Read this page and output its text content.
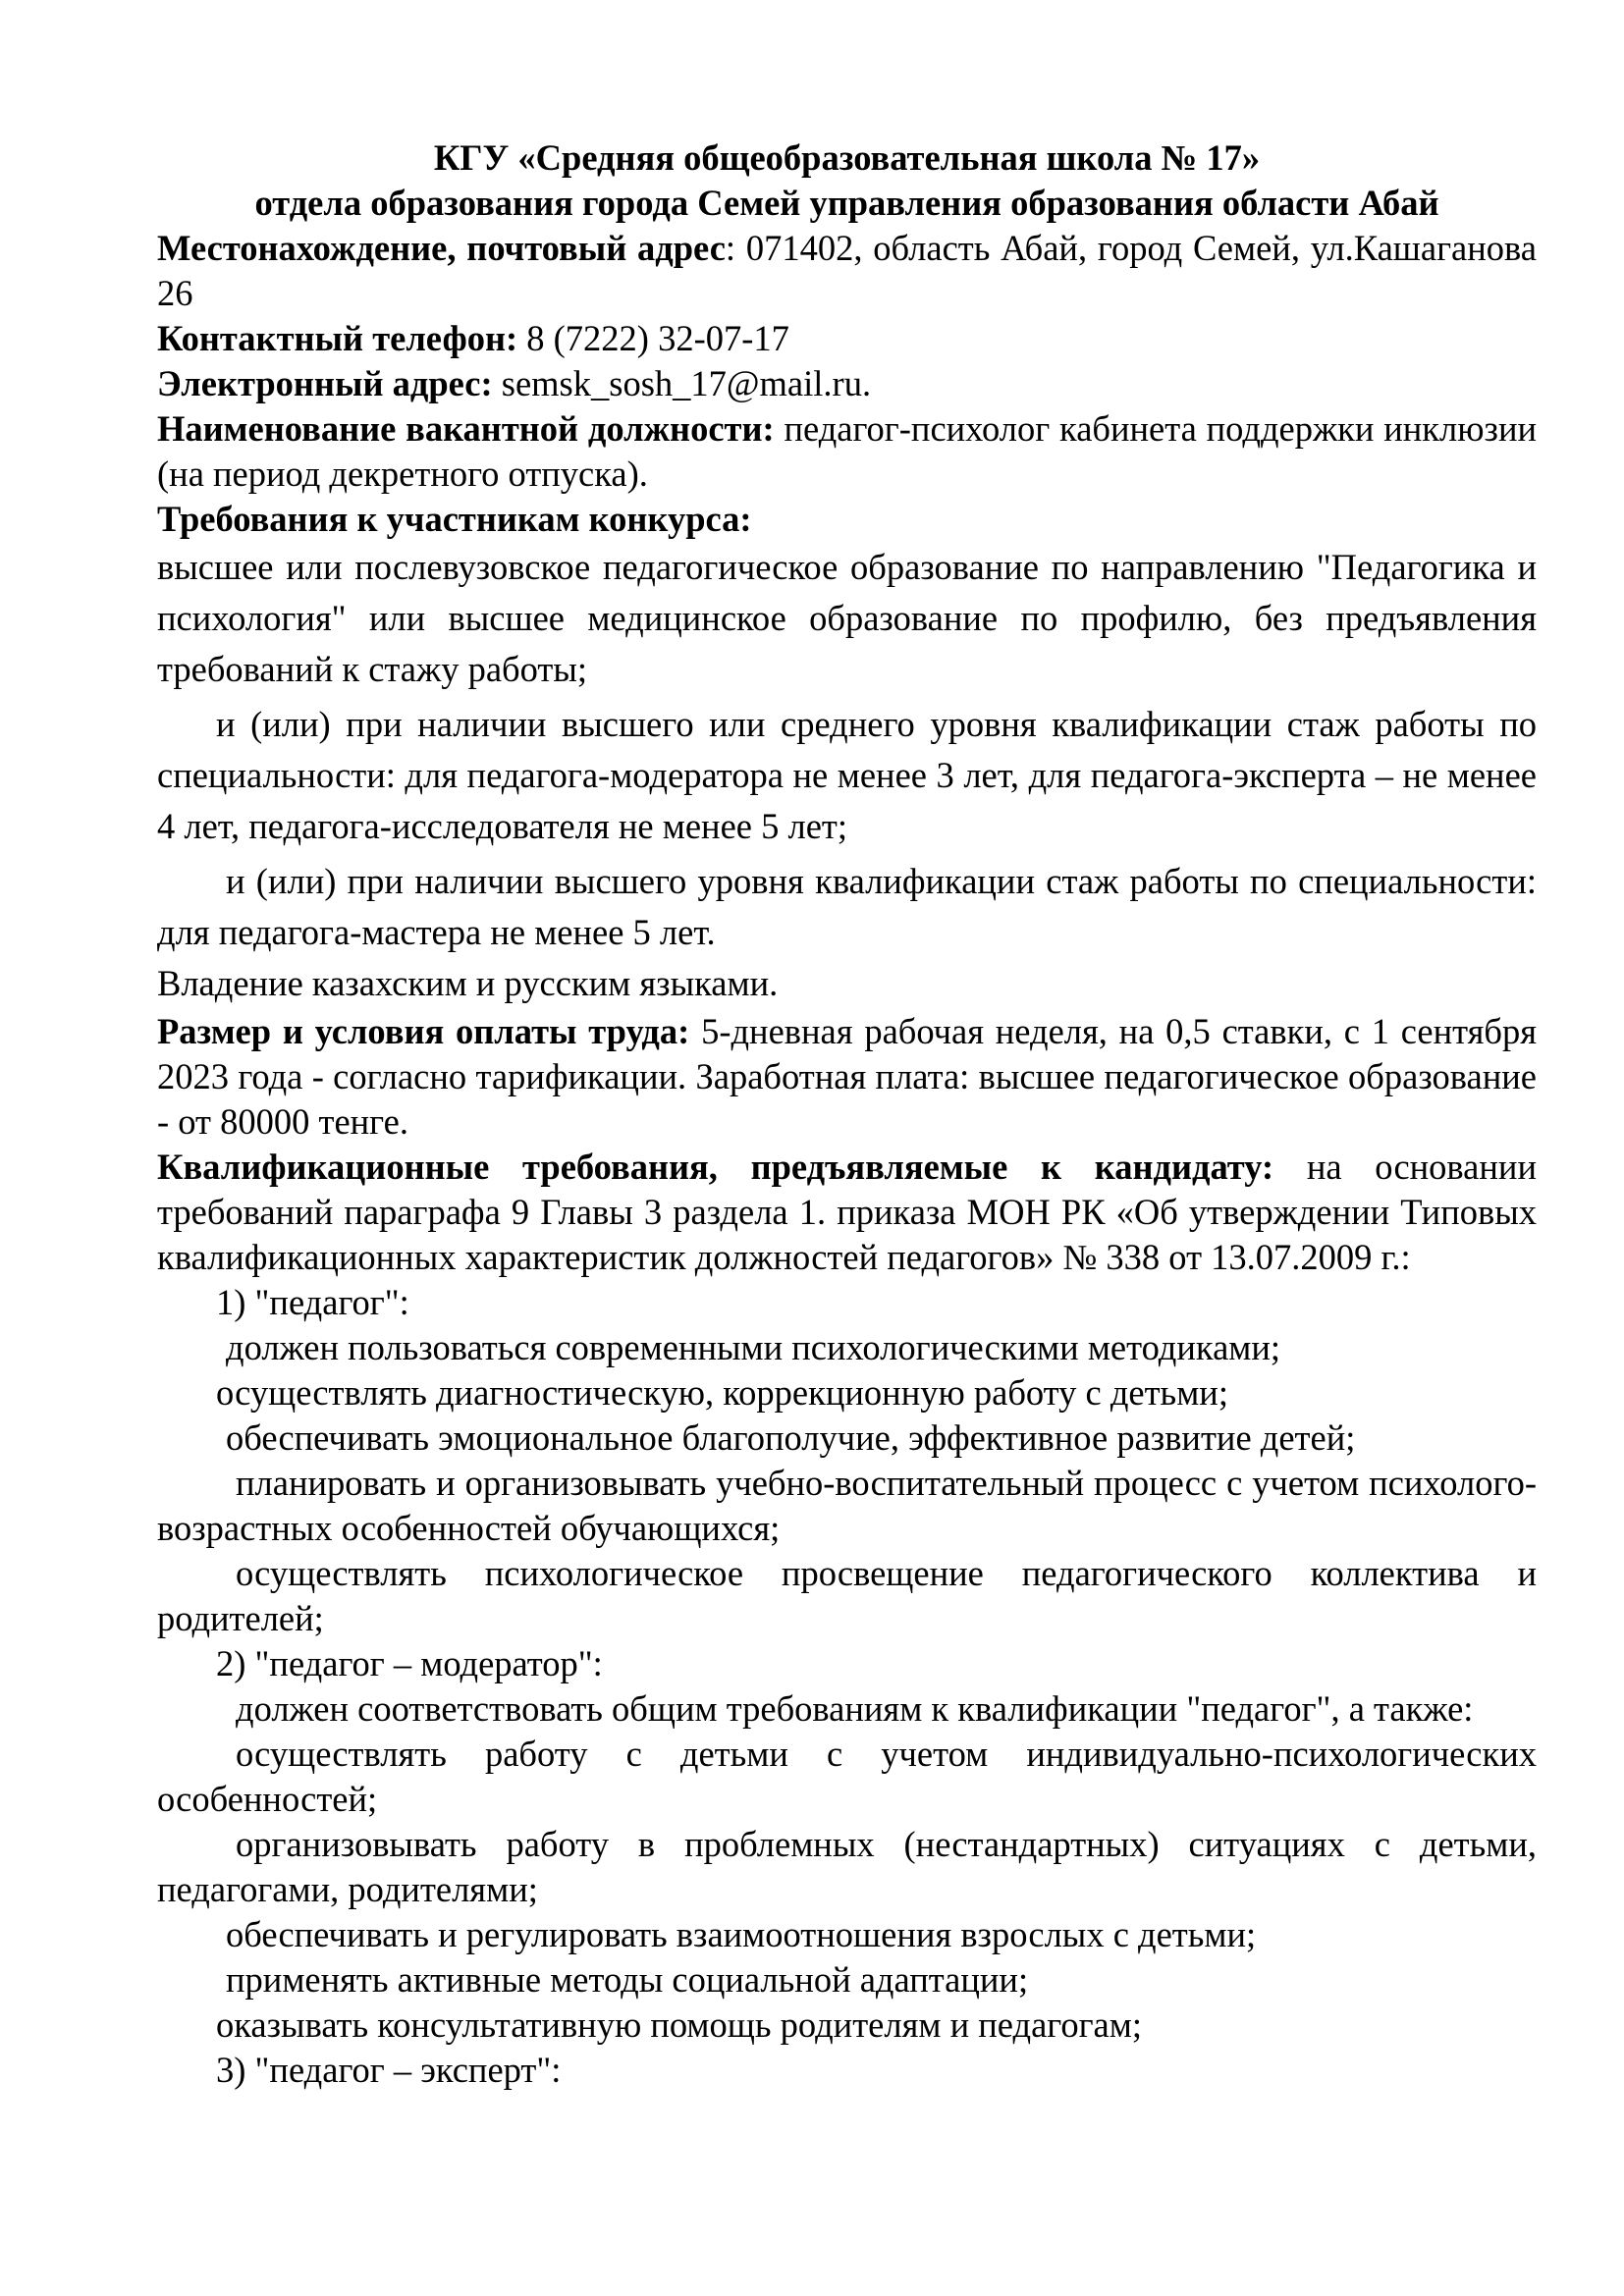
КГУ «Средняя общеобразовательная школа № 17»

отдела образования города Семей управления образования области Абай

Местонахождение, почтовый адрес: 071402, область Абай, город Семей, ул.Кашаганова 26

Контактный телефон: 8 (7222) 32-07-17

Электронный адрес: semsk_sosh_17@mail.ru.

Наименование вакантной должности: педагог-психолог кабинета поддержки инклюзии (на период декретного отпуска).

Требования к участникам конкурса:

высшее или послевузовское педагогическое образование по направлению "Педагогика и психология" или высшее медицинское образование по профилю, без предъявления требований к стажу работы;

и (или) при наличии высшего или среднего уровня квалификации стаж работы по специальности: для педагога-модератора не менее 3 лет, для педагога-эксперта – не менее 4 лет, педагога-исследователя не менее 5 лет;

и (или) при наличии высшего уровня квалификации стаж работы по специальности: для педагога-мастера не менее 5 лет.

Владение казахским и русским языками.

Размер и условия оплаты труда: 5-дневная рабочая неделя, на 0,5 ставки, с 1 сентября 2023 года - согласно тарификации. Заработная плата: высшее педагогическое образование - от 80000 тенге.

Квалификационные требования, предъявляемые к кандидату: на основании требований параграфа 9 Главы 3 раздела 1. приказа МОН РК «Об утверждении Типовых квалификационных характеристик должностей педагогов» № 338 от 13.07.2009 г.:

1) "педагог":

должен пользоваться современными психологическими методиками;

осуществлять диагностическую, коррекционную работу с детьми;

обеспечивать эмоциональное благополучие, эффективное развитие детей;

планировать и организовывать учебно-воспитательный процесс с учетом психолого-возрастных особенностей обучающихся;

осуществлять психологическое просвещение педагогического коллектива и родителей;

2) "педагог – модератор":

должен соответствовать общим требованиям к квалификации "педагог", а также:

осуществлять работу с детьми с учетом индивидуально-психологических особенностей;

организовывать работу в проблемных (нестандартных) ситуациях с детьми, педагогами, родителями;

обеспечивать и регулировать взаимоотношения взрослых с детьми;

применять активные методы социальной адаптации;

оказывать консультативную помощь родителям и педагогам;

3) "педагог – эксперт":
